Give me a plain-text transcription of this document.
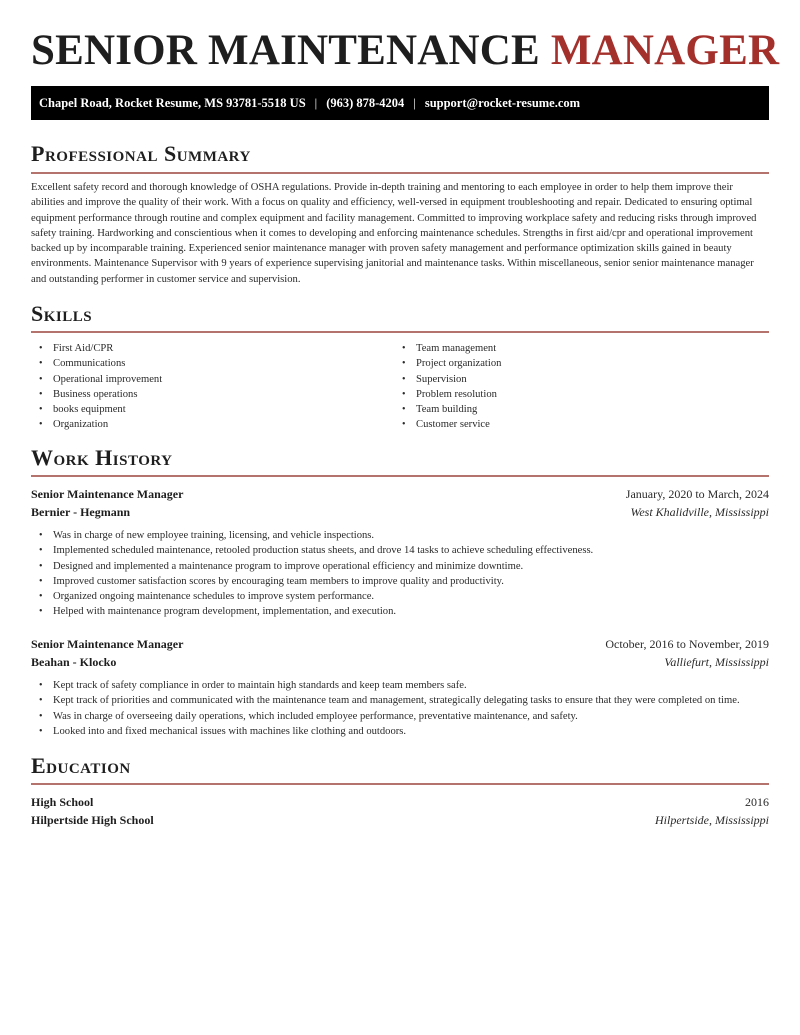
SENIOR MAINTENANCE MANAGER
Chapel Road, Rocket Resume, MS 93781-5518 US | (963) 878-4204 | support@rocket-resume.com
Professional Summary

Excellent safety record and thorough knowledge of OSHA regulations. Provide in-depth training and mentoring to each employee in order to help them improve their abilities and improve the quality of their work. With a focus on quality and efficiency, well-versed in equipment troubleshooting and repair. Dedicated to ensuring optimal equipment performance through routine and complex equipment and facility management. Committed to improving workplace safety and reducing risks through improved safety training. Hardworking and conscientious when it comes to developing and enforcing maintenance schedules. Strengths in first aid/cpr and operational improvement backed up by incomparable training. Experienced senior maintenance manager with proven safety management and performance optimization skills gained in beauty environments. Maintenance Supervisor with 9 years of experience supervising janitorial and maintenance tasks. Within miscellaneous, senior senior maintenance manager and outstanding performer in customer service and supervision.

Skills
• First Aid/CPR
• Communications
• Operational improvement
• Business operations
• books equipment
• Organization
• Team management
• Project organization
• Supervision
• Problem resolution
• Team building
• Customer service
Work History
Senior Maintenance Manager	January, 2020 to March, 2024
Bernier - Hegmann	West Khalidville, Mississippi
• Was in charge of new employee training, licensing, and vehicle inspections.
• Implemented scheduled maintenance, retooled production status sheets, and drove 14 tasks to achieve scheduling effectiveness.
• Designed and implemented a maintenance program to improve operational efficiency and minimize downtime.
• Improved customer satisfaction scores by encouraging team members to improve quality and productivity.
• Organized ongoing maintenance schedules to improve system performance.
• Helped with maintenance program development, implementation, and execution.
Senior Maintenance Manager	October, 2016 to November, 2019
Beahan - Klocko	Valliefurt, Mississippi
• Kept track of safety compliance in order to maintain high standards and keep team members safe.
• Kept track of priorities and communicated with the maintenance team and management, strategically delegating tasks to ensure that they were completed on time.
• Was in charge of overseeing daily operations, which included employee performance, preventative maintenance, and safety.
• Looked into and fixed mechanical issues with machines like clothing and outdoors.
Education
High School	2016
Hilpertside High School	Hilpertside, Mississippi
